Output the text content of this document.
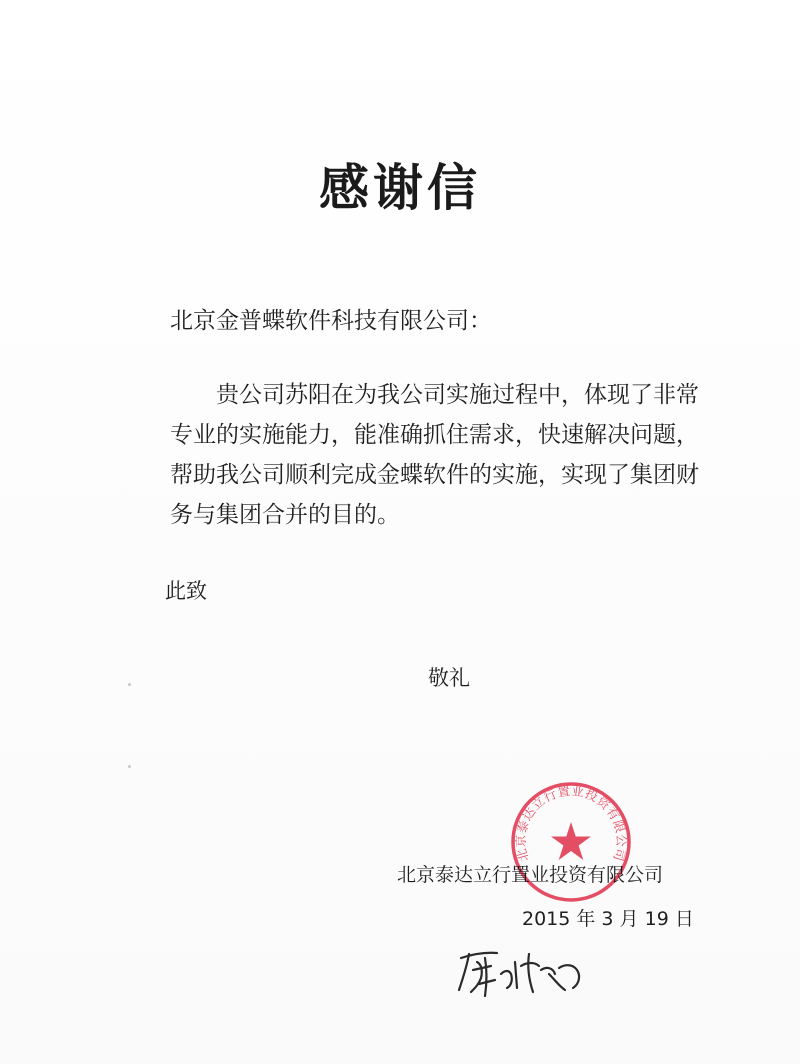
感谢信
北京金普蝶软件科技有限公司：
贵公司苏阳在为我公司实施过程中，体现了非常
专业的实施能力，能准确抓住需求，快速解决问题，
帮助我公司顺利完成金蝶软件的实施，实现了集团财
务与集团合并的目的。
此致
敬礼
北京泰达立行置业投资有限公司
北京泰达立行置业投资有限公司
2015 年 3 月 19 日
